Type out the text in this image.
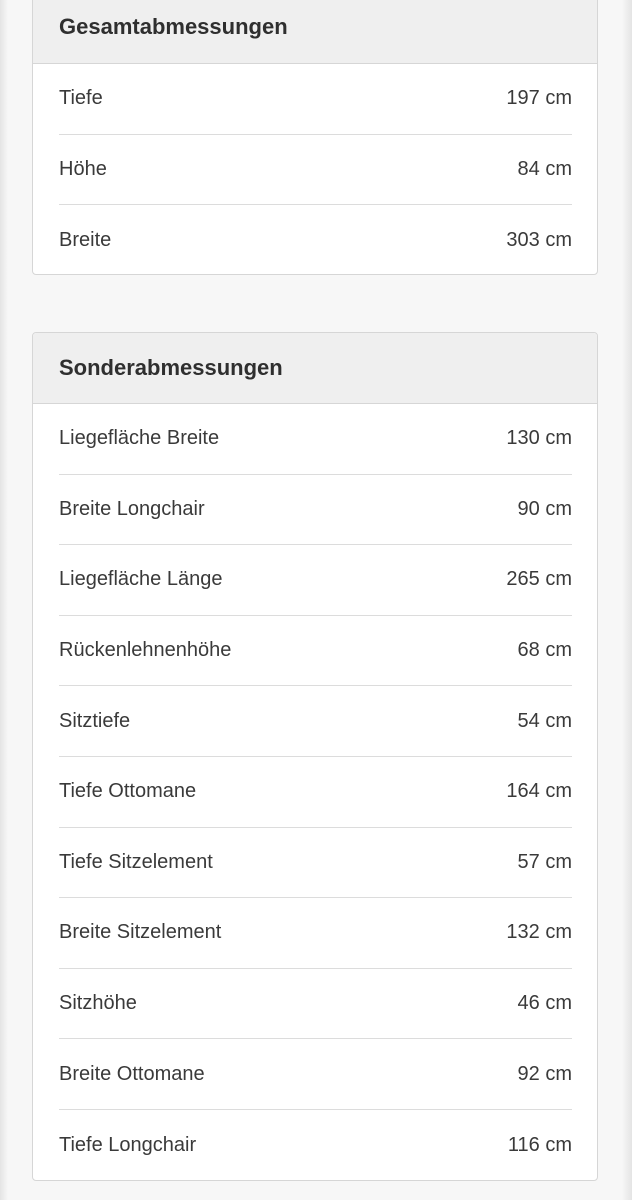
Gesamtabmessungen
Tiefe	197 cm
Höhe	84 cm
Breite	303 cm
Sonderabmessungen
Liegefläche Breite	130 cm
Breite Longchair	90 cm
Liegefläche Länge	265 cm
Rückenlehnenhöhe	68 cm
Sitztiefe	54 cm
Tiefe Ottomane	164 cm
Tiefe Sitzelement	57 cm
Breite Sitzelement	132 cm
Sitzhöhe	46 cm
Breite Ottomane	92 cm
Tiefe Longchair	116 cm
